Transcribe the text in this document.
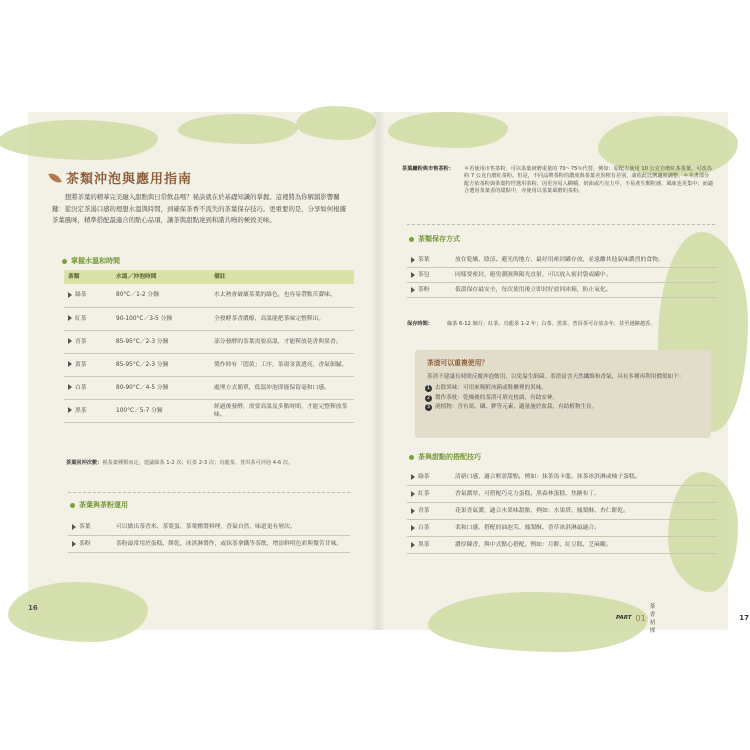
茶類沖泡與應用指南

想將茶葉的精華完美融入甜點與日常飲品嗎？秘訣就在於基礎知識的掌握。這裡將為你解鎖影響關鍵：從決定茶湯口感的理想水溫與時間，到確保茶香不流失的茶葉保存技巧。更重要的是，分享如何根據茶葉風味，精準搭配最適合的點心品項，讓茶與甜點達到和諧共鳴的極致美味。

掌握水溫和時間
茶類	水溫／沖泡時間	備註
綠茶	80°C／1-2 分鐘	水太熱會破壞茶葉的綠色，也容易帶點苦澀味。
紅茶	90-100°C／3-5 分鐘	全發酵茶香濃醇，高溫能把茶味完整釋出。
青茶	85-95°C／2-3 分鐘	部分發酵的茶葉需要高溫，才能釋放花香與果香。
黃茶	85-95°C／2-3 分鐘	製作時有「悶黃」工序，茶湯金黃透亮，香氣細膩。
白茶	80-90°C／4-5 分鐘	處理方式簡單，低溫沖泡即能保留毫和口感。
黑茶	100°C／5-7 分鐘	經過後發酵，需要高溫及多點時間，才能完整釋放茶味。

茶葉回沖次數：視茶葉種類而定，建議綠茶 1-2 次；紅茶 2-3 次；烏龍茶、普洱茶可沖泡 4-6 次。

茶葉與茶粉運用
茶葉	可以做出茶香米、茶葉蛋、茶葉燻製料理，香氣自然，味道更有層次。
茶粉	茶粉最常用於蛋糕、餅乾、冰淇淋製作，或抹茶拿鐵等茶飲，增添鮮明色彩與微苦甘味。
16
茶葉廳粉與市售茶粉：	＊若使用市售茶粉，可以茶葉研磨重量的 70～75％代替，例如：原配方使用 10 公克自磨紅茶茶葉，可改為約 7 公克自磨紅茶粉。但是，不同品牌茶粉的濃度與茶葉差異稍有差別，請依此比例適度調整。＊本書部分配方依茶粉與茶葉特性選用茶粉，因更容易入糊嚼，奶油或巧克力中，不易產生顆粒感，風味也更集中；而適合選用茶葉香的甜點中，亦使用以茶葉風磨的茶粉。
茶類保存方式
茶葉	放在乾燥、陰涼、避光的地方，最好用密封罐存放，並遠離其他氣味濃烈的食物。
茶包	同樣要密封，避免潮濕與陽光直射，可以放入密封袋或罐中。
茶粉	低溫保存最安全，每次使用後立即封好放回冰箱，防止氧化。
保存時間：	綠茶 6-12 個月；紅茶、烏龍茶 1-2 年；白茶、黑茶、普洱茶可存放多年，甚至越陳越香。
茶渣可以重複使用？
茶渣不建議長時間反覆沖泡飲用，以免溢生細菌。茶渣富含天然纖維和香氣，具有多種再利用價值如下：
1 去除異味：可用來吸附冰箱或鞋櫃裡的異味。
2 製作茶枕：乾燥後的茶渣可填充枕頭，有助安神。
3 澆植物：含有氮、磷、鉀等元素，適量施於盆栽，有助植物生長。
茶與甜點的搭配技巧
綠茶	清新口感，適合輕盈甜點，例如：抹茶馬卡龍、抹茶冰淇淋或柚子蛋糕。
紅茶	香氣濃厚，可搭配巧克力蛋糕、黑森林蛋糕、焦糖布丁。
青茶	花果香氣濃，適合水果味甜點，例如：水果塔、鳳梨酥、杏仁餅乾。
白茶	柔和口感，搭配的油泡芙、鳳梨酥，香草冰淇淋最適合。
黑茶	濃厚陳香，與中式點心搭配，例如：月餅、紅豆糕、芝麻糊。
PART 01
茶香初探
17
